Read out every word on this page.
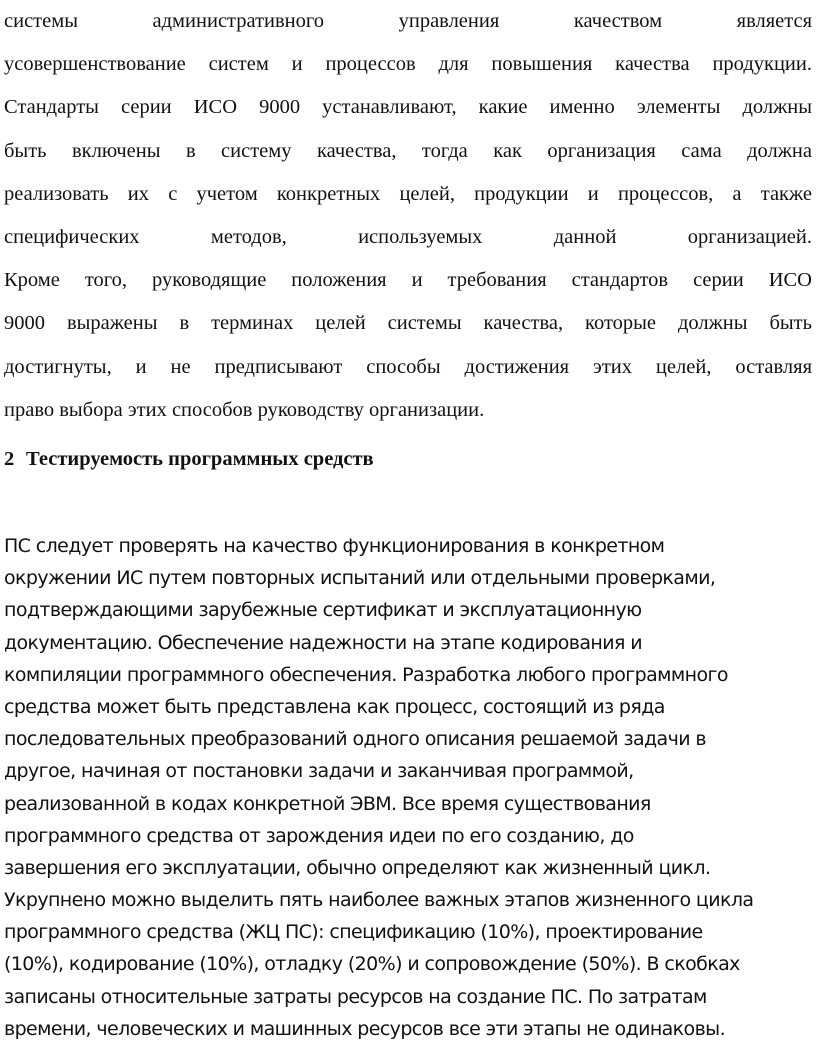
системы административного управления качеством является
усовершенствование систем и процессов для повышения качества продукции.
Стандарты серии ИСО 9000 устанавливают, какие именно элементы должны
быть включены в систему качества, тогда как организация сама должна
реализовать их с учетом конкретных целей, продукции и процессов, а также
специфических методов, используемых данной организацией.
Кроме того, руководящие положения и требования стандартов серии ИСО
9000 выражены в терминах целей системы качества, которые должны быть
достигнуты, и не предписывают способы достижения этих целей, оставляя
право выбора этих способов руководству организации.
2 Тестируемость программных средств
ПС следует проверять на качество функционирования в конкретном
окружении ИС путем повторных испытаний или отдельными проверками,
подтверждающими зарубежные сертификат и эксплуатационную
документацию. Обеспечение надежности на этапе кодирования и
компиляции программного обеспечения. Разработка любого программного
средства может быть представлена как процесс, состоящий из ряда
последовательных преобразований одного описания решаемой задачи в
другое, начиная от постановки задачи и заканчивая программой,
реализованной в кодах конкретной ЭВМ. Все время существования
программного средства от зарождения идеи по его созданию, до
завершения его эксплуатации, обычно определяют как жизненный цикл.
Укрупнено можно выделить пять наиболее важных этапов жизненного цикла
программного средства (ЖЦ ПС): спецификацию (10%), проектирование
(10%), кодирование (10%), отладку (20%) и сопровождение (50%). В скобках
записаны относительные затраты ресурсов на создание ПС. По затратам
времени, человеческих и машинных ресурсов все эти этапы не одинаковы.
